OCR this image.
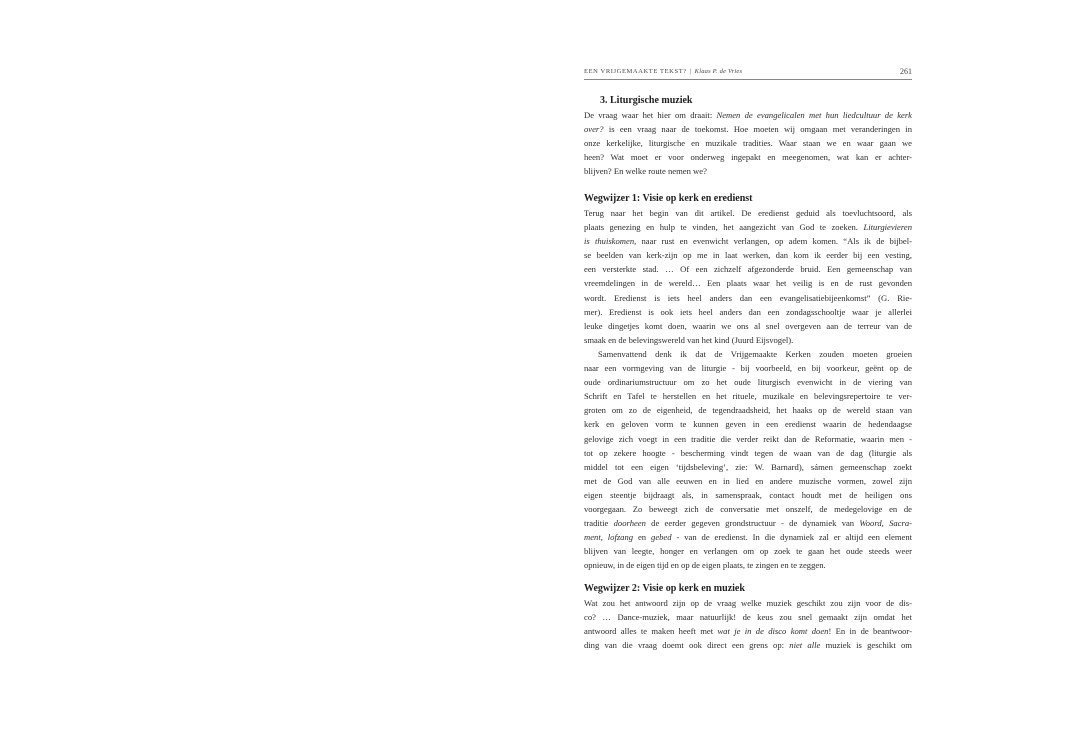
EEN VRIJGEMAAKTE TEKST? | Klaas P. de Vries	261
3. Liturgische muziek
De vraag waar het hier om draait: Nemen de evangelicalen met hun liedcultuur de kerk
over? is een vraag naar de toekomst. Hoe moeten wij omgaan met veranderingen in
onze kerkelijke, liturgische en muzikale tradities. Waar staan we en waar gaan we
heen? Wat moet er voor onderweg ingepakt en meegenomen, wat kan er achter-
blijven? En welke route nemen we?
Wegwijzer 1: Visie op kerk en eredienst
Terug naar het begin van dit artikel. De eredienst geduid als toevluchtsoord, als
plaats genezing en hulp te vinden, het aangezicht van God te zoeken. Liturgievieren
is thuiskomen, naar rust en evenwicht verlangen, op adem komen. “Als ik de bijbel-
se beelden van kerk-zijn op me in laat werken, dan kom ik eerder bij een vesting,
een versterkte stad. … Of een zichzelf afgezonderde bruid. Een gemeenschap van
vreemdelingen in de wereld… Een plaats waar het veilig is en de rust gevonden
wordt. Eredienst is iets heel anders dan een evangelisatiebijeenkomst” (G. Rie-
mer). Eredienst is ook iets heel anders dan een zondagsschooltje waar je allerlei
leuke dingetjes komt doen, waarin we ons al snel overgeven aan de terreur van de
smaak en de belevingswereld van het kind (Juurd Eijsvogel).
Samenvattend denk ik dat de Vrijgemaakte Kerken zouden moeten groeien
naar een vormgeving van de liturgie - bij voorbeeld, en bij voorkeur, geënt op de
oude ordinariumstructuur om zo het oude liturgisch evenwicht in de viering van
Schrift en Tafel te herstellen en het rituele, muzikale en belevingsrepertoire te ver-
groten om zo de eigenheid, de tegendraadsheid, het haaks op de wereld staan van
kerk en geloven vorm te kunnen geven in een eredienst waarin de hedendaagse
gelovige zich voegt in een traditie die verder reikt dan de Reformatie, waarin men -
tot op zekere hoogte - bescherming vindt tegen de waan van de dag (liturgie als
middel tot een eigen ‘tijdsbeleving’, zie: W. Barnard), sámen gemeenschap zoekt
met de God van alle eeuwen en in lied en andere muzische vormen, zowel zijn
eigen steentje bijdraagt als, in samenspraak, contact houdt met de heiligen ons
voorgegaan. Zo beweegt zich de conversatie met onszelf, de medegelovige en de
traditie doorheen de eerder gegeven grondstructuur - de dynamiek van Woord, Sacra-
ment, lofzang en gebed - van de eredienst. In die dynamiek zal er altijd een element
blijven van leegte, honger en verlangen om op zoek te gaan het oude steeds weer
opnieuw, in de eigen tijd en op de eigen plaats, te zingen en te zeggen.
Wegwijzer 2: Visie op kerk en muziek
Wat zou het antwoord zijn op de vraag welke muziek geschikt zou zijn voor de dis-
co? … Dance-muziek, maar natuurlijk! de keus zou snel gemaakt zijn omdat het
antwoord alles te maken heeft met wat je in de disco komt doen! En in de beantwoor-
ding van die vraag doemt ook direct een grens op: niet alle muziek is geschikt om
